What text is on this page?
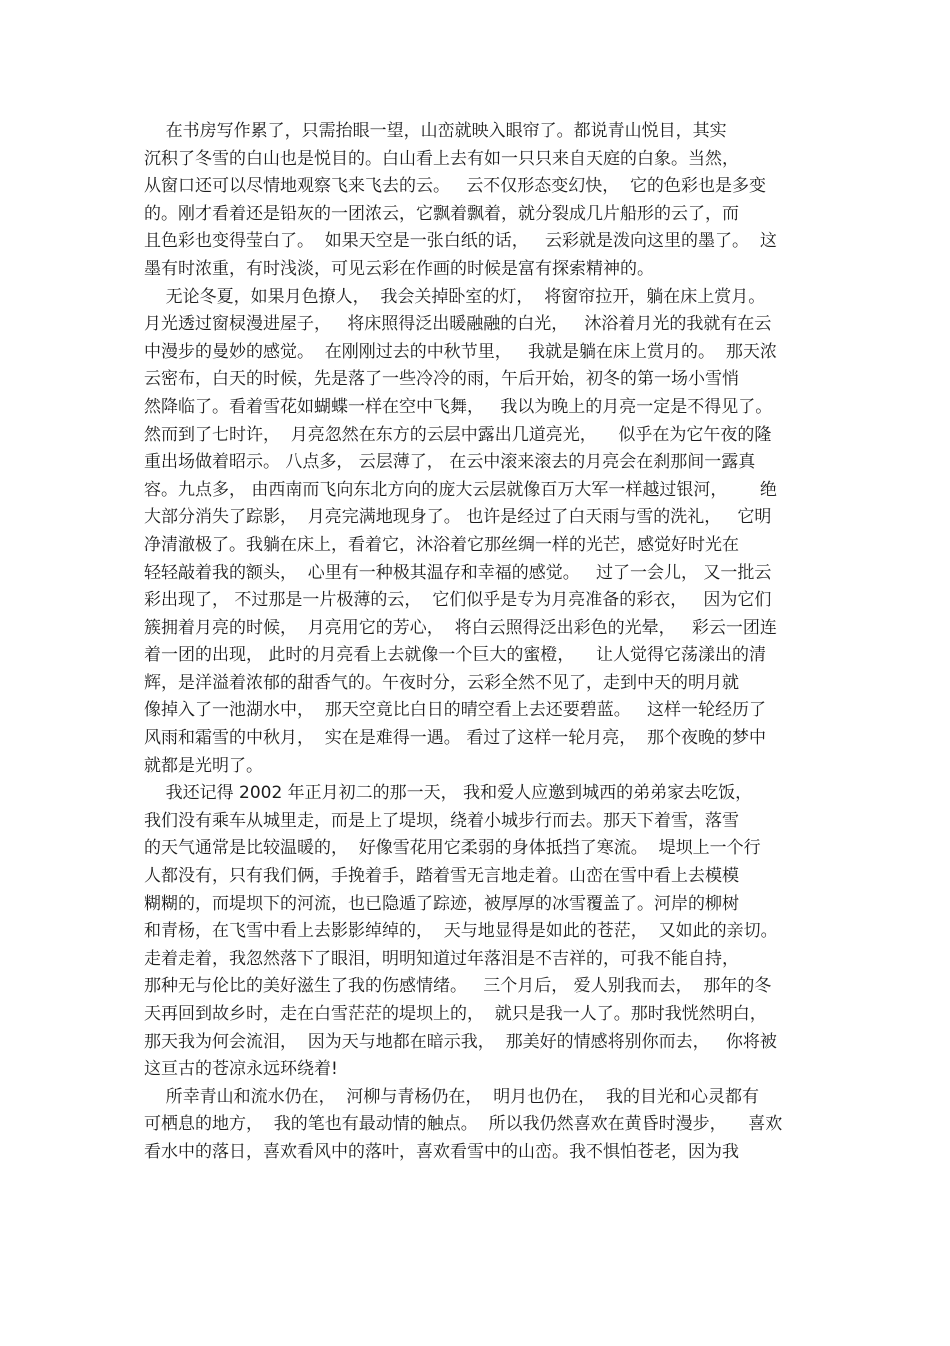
在书房写作累了，只需抬眼一望，山峦就映入眼帘了。都说青山悦目，其实
沉积了冬雪的白山也是悦目的。白山看上去有如一只只来自天庭的白象。当然，
从窗口还可以尽情地观察飞来飞去的云。   云不仅形态变幻快，  它的色彩也是多变
的。刚才看着还是铅灰的一团浓云，它飘着飘着，就分裂成几片船形的云了，而
且色彩也变得莹白了。  如果天空是一张白纸的话，   云彩就是泼向这里的墨了。  这
墨有时浓重，有时浅淡，可见云彩在作画的时候是富有探索精神的。
无论冬夏，如果月色撩人，  我会关掉卧室的灯，  将窗帘拉开，躺在床上赏月。
月光透过窗棂漫进屋子，   将床照得泛出暖融融的白光，   沐浴着月光的我就有在云
中漫步的曼妙的感觉。  在刚刚过去的中秋节里，   我就是躺在床上赏月的。  那天浓
云密布，白天的时候，先是落了一些冷冷的雨，午后开始，初冬的第一场小雪悄
然降临了。看着雪花如蝴蝶一样在空中飞舞，   我以为晚上的月亮一定是不得见了。
然而到了七时许，  月亮忽然在东方的云层中露出几道亮光，    似乎在为它午夜的隆
重出场做着昭示。 八点多， 云层薄了， 在云中滚来滚去的月亮会在刹那间一露真
容。九点多， 由西南而飞向东北方向的庞大云层就像百万大军一样越过银河，      绝
大部分消失了踪影，  月亮完满地现身了。 也许是经过了白天雨与雪的洗礼，   它明
净清澈极了。我躺在床上，看着它，沐浴着它那丝绸一样的光芒，感觉好时光在
轻轻敲着我的额头，  心里有一种极其温存和幸福的感觉。   过了一会儿， 又一批云
彩出现了， 不过那是一片极薄的云，  它们似乎是专为月亮准备的彩衣，   因为它们
簇拥着月亮的时候，  月亮用它的芳心，  将白云照得泛出彩色的光晕，   彩云一团连
着一团的出现， 此时的月亮看上去就像一个巨大的蜜橙，    让人觉得它荡漾出的清
辉，是洋溢着浓郁的甜香气的。午夜时分，云彩全然不见了，走到中天的明月就
像掉入了一池湖水中，  那天空竟比白日的晴空看上去还要碧蓝。   这样一轮经历了
风雨和霜雪的中秋月，  实在是难得一遇。 看过了这样一轮月亮，  那个夜晚的梦中
就都是光明了。
我还记得 2002 年正月初二的那一天， 我和爱人应邀到城西的弟弟家去吃饭，
我们没有乘车从城里走，而是上了堤坝，绕着小城步行而去。那天下着雪，落雪
的天气通常是比较温暖的，  好像雪花用它柔弱的身体抵挡了寒流。  堤坝上一个行
人都没有，只有我们俩，手挽着手，踏着雪无言地走着。山峦在雪中看上去模模
糊糊的，而堤坝下的河流，也已隐遁了踪迹，被厚厚的冰雪覆盖了。河岸的柳树
和青杨，在飞雪中看上去影影绰绰的，  天与地显得是如此的苍茫，  又如此的亲切。
走着走着，我忽然落下了眼泪，明明知道过年落泪是不吉祥的，可我不能自持，
那种无与伦比的美好滋生了我的伤感情绪。   三个月后， 爱人别我而去，  那年的冬
天再回到故乡时，走在白雪茫茫的堤坝上的，  就只是我一人了。那时我恍然明白，
那天我为何会流泪，  因为天与地都在暗示我，  那美好的情感将别你而去，   你将被
这亘古的苍凉永远环绕着!
所幸青山和流水仍在，  河柳与青杨仍在，  明月也仍在，  我的目光和心灵都有
可栖息的地方，  我的笔也有最动情的触点。  所以我仍然喜欢在黄昏时漫步，    喜欢
看水中的落日，喜欢看风中的落叶，喜欢看雪中的山峦。我不惧怕苍老，因为我
